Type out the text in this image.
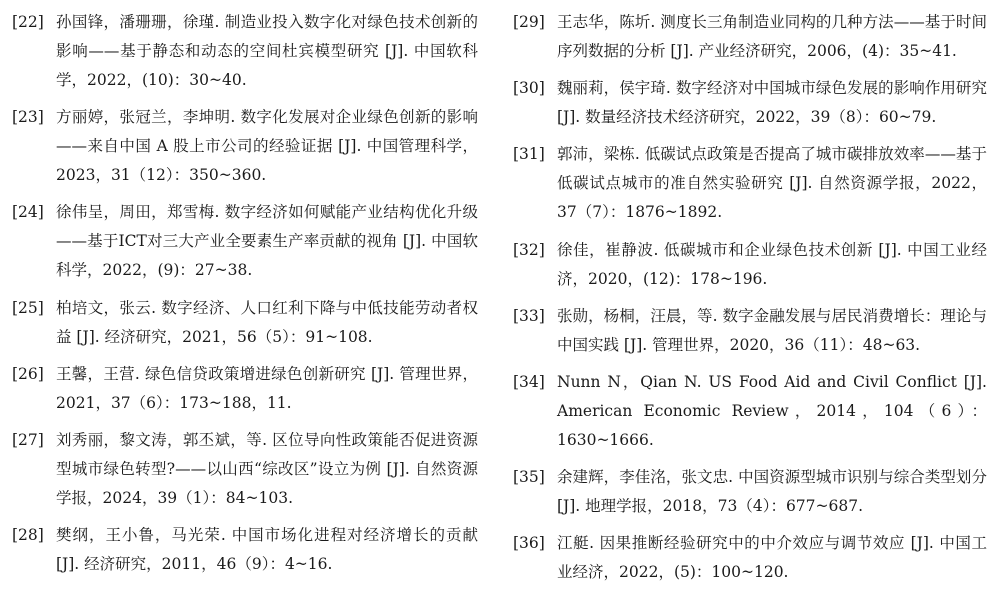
[22] 孙国锋，潘珊珊，徐瑾. 制造业投入数字化对绿色技术创新的影响——基于静态和动态的空间杜宾模型研究 [J]. 中国软科学，2022，(10)：30~40.
[23] 方丽婷，张冠兰，李坤明. 数字化发展对企业绿色创新的影响——来自中国 A 股上市公司的经验证据 [J]. 中国管理科学，2023，31（12）：350~360.
[24] 徐伟呈，周田，郑雪梅. 数字经济如何赋能产业结构优化升级——基于ICT对三大产业全要素生产率贡献的视角 [J]. 中国软科学，2022，(9)：27~38.
[25] 柏培文，张云. 数字经济、人口红利下降与中低技能劳动者权益 [J]. 经济研究，2021，56（5）：91~108.
[26] 王馨，王营. 绿色信贷政策增进绿色创新研究 [J]. 管理世界，2021，37（6）：173~188，11.
[27] 刘秀丽，黎文涛，郭丕斌，等. 区位导向性政策能否促进资源型城市绿色转型?——以山西“综改区”设立为例 [J]. 自然资源学报，2024，39（1）：84~103.
[28] 樊纲，王小鲁，马光荣. 中国市场化进程对经济增长的贡献 [J]. 经济研究，2011，46（9）：4~16.
[29] 王志华，陈圻. 测度长三角制造业同构的几种方法——基于时间序列数据的分析 [J]. 产业经济研究，2006，(4)：35~41.
[30] 魏丽莉，侯宇琦. 数字经济对中国城市绿色发展的影响作用研究 [J]. 数量经济技术经济研究，2022，39（8）：60~79.
[31] 郭沛，梁栋. 低碳试点政策是否提高了城市碳排放效率——基于低碳试点城市的准自然实验研究 [J]. 自然资源学报，2022，37（7）：1876~1892.
[32] 徐佳，崔静波. 低碳城市和企业绿色技术创新 [J]. 中国工业经济，2020，(12)：178~196.
[33] 张勋，杨桐，汪晨，等. 数字金融发展与居民消费增长：理论与中国实践 [J]. 管理世界，2020，36（11）：48~63.
[34] Nunn N，Qian N. US Food Aid and Civil Conflict [J]. American Economic Review，2014，104（6）：1630~1666.
[35] 余建辉，李佳洺，张文忠. 中国资源型城市识别与综合类型划分 [J]. 地理学报，2018，73（4）：677~687.
[36] 江艇. 因果推断经验研究中的中介效应与调节效应 [J]. 中国工业经济，2022，(5)：100~120.
